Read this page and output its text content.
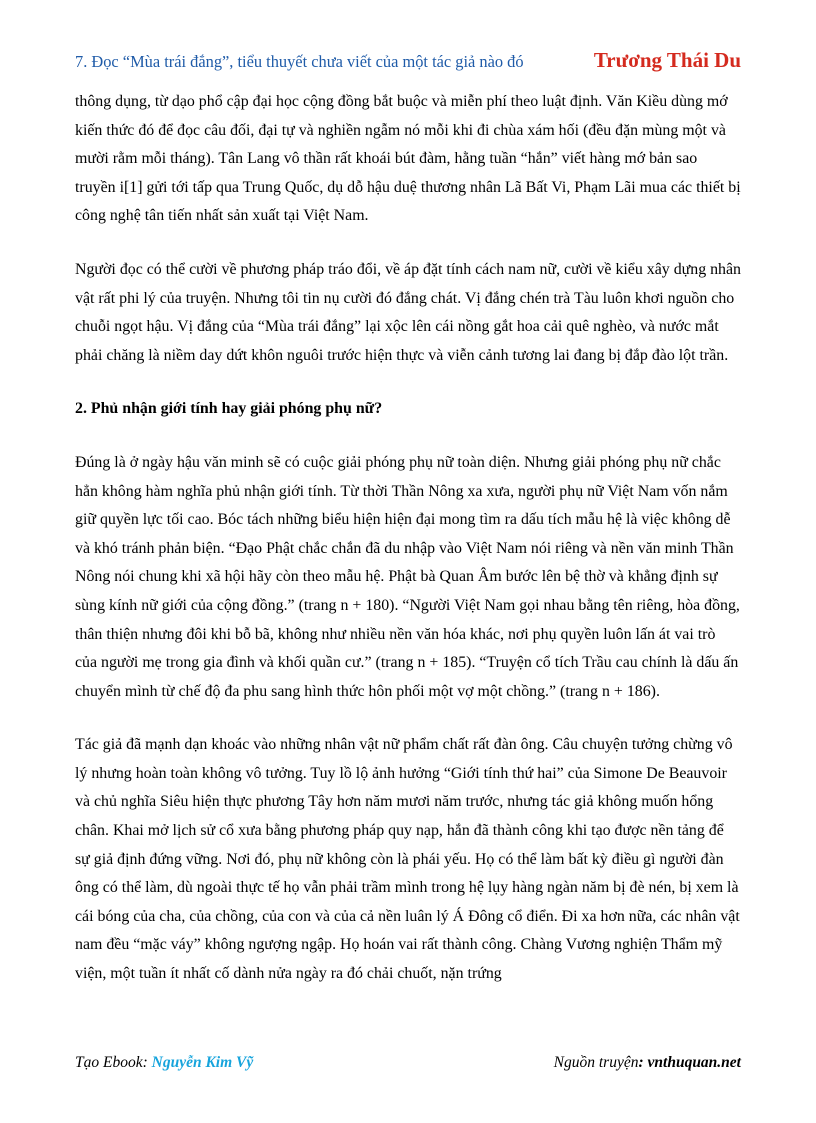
7. Đọc “Mùa trái đắng”, tiểu thuyết chưa viết của một tác giả nào đó	Trương Thái Du

thông dụng, từ dạo phổ cập đại học cộng đồng bắt buộc và miễn phí theo luật định. Văn Kiều dùng mớ kiến thức đó để đọc câu đối, đại tự và nghiền ngẫm nó mỗi khi đi chùa xám hối (đều đặn mùng một và mười rằm mỗi tháng). Tân Lang vô thần rất khoái bút đàm, hằng tuần “hắn” viết hàng mớ bản sao truyền i[1] gửi tới tấp qua Trung Quốc, dụ dỗ hậu duệ thương nhân Lã Bất Vi, Phạm Lãi mua các thiết bị công nghệ tân tiến nhất sản xuất tại Việt Nam.

Người đọc có thể cười về phương pháp tráo đổi, về áp đặt tính cách nam nữ, cười về kiểu xây dựng nhân vật rất phi lý của truyện. Nhưng tôi tin nụ cười đó đắng chát. Vị đắng chén trà Tàu luôn khơi nguồn cho chuỗi ngọt hậu. Vị đắng của “Mùa trái đắng” lại xộc lên cái nồng gắt hoa cải quê nghèo, và nước mắt phải chăng là niềm day dứt khôn nguôi trước hiện thực và viễn cảnh tương lai đang bị đắp đào lột trần.

2. Phủ nhận giới tính hay giải phóng phụ nữ?

Đúng là ở ngày hậu văn minh sẽ có cuộc giải phóng phụ nữ toàn diện. Nhưng giải phóng phụ nữ chắc hẳn không hàm nghĩa phủ nhận giới tính. Từ thời Thần Nông xa xưa, người phụ nữ Việt Nam vốn nắm giữ quyền lực tối cao. Bóc tách những biểu hiện hiện đại mong tìm ra dấu tích mẫu hệ là việc không dễ và khó tránh phản biện. “Đạo Phật chắc chắn đã du nhập vào Việt Nam nói riêng và nền văn minh Thần Nông nói chung khi xã hội hãy còn theo mẫu hệ. Phật bà Quan Âm bước lên bệ thờ và khẳng định sự sùng kính nữ giới của cộng đồng.” (trang n + 180). “Người Việt Nam gọi nhau bằng tên riêng, hòa đồng, thân thiện nhưng đôi khi bỗ bã, không như nhiều nền văn hóa khác, nơi phụ quyền luôn lấn át vai trò của người mẹ trong gia đình và khối quần cư.” (trang n + 185). “Truyện cổ tích Trầu cau chính là dấu ấn chuyển mình từ chế độ đa phu sang hình thức hôn phối một vợ một chồng.” (trang n + 186).

Tác giả đã mạnh dạn khoác vào những nhân vật nữ phẩm chất rất đàn ông. Câu chuyện tưởng chừng vô lý nhưng hoàn toàn không vô tưởng. Tuy lồ lộ ảnh hưởng “Giới tính thứ hai” của Simone De Beauvoir và chủ nghĩa Siêu hiện thực phương Tây hơn năm mươi năm trước, nhưng tác giả không muốn hổng chân. Khai mở lịch sử cổ xưa bằng phương pháp quy nạp, hắn đã thành công khi tạo được nền tảng để sự giả định đứng vững. Nơi đó, phụ nữ không còn là phái yếu. Họ có thể làm bất kỳ điều gì người đàn ông có thể làm, dù ngoài thực tế họ vẫn phải trầm mình trong hệ lụy hàng ngàn năm bị đè nén, bị xem là cái bóng của cha, của chồng, của con và của cả nền luân lý Á Đông cổ điển. Đi xa hơn nữa, các nhân vật nam đều “mặc váy” không ngượng ngập. Họ hoán vai rất thành công. Chàng Vương nghiện Thẩm mỹ viện, một tuần ít nhất cố dành nửa ngày ra đó chải chuốt, nặn trứng

Tạo Ebook: Nguyễn Kim Vỹ	Nguồn truyện: vnthuquan.net
